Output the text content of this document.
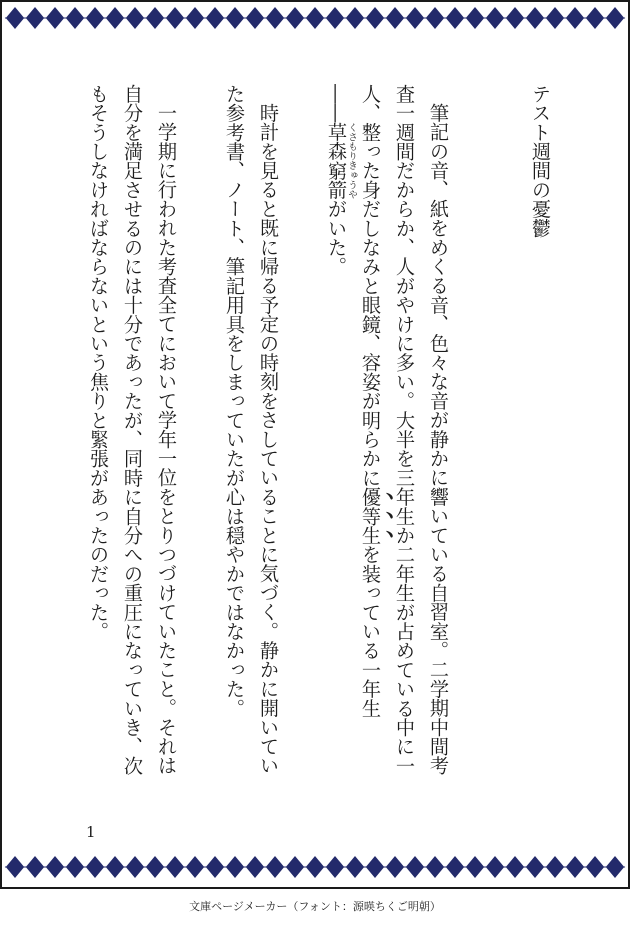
テスト週間の憂鬱
筆記の音、紙をめくる音、色々な音が静かに響いている自習室。二学期中間考
査一週間だからか、人がやけに多い。大半を三年生か二年生が占めている中に一
人、整った身だしなみと眼鏡、容姿が明らかに優等生を装っている一年生
――草森くさもり窮箭きゅうやがいた。
時計を見ると既に帰る予定の時刻をさしていることに気づく。静かに開いてい
た参考書、ノート、筆記用具をしまっていたが心は穏やかではなかった。
一学期に行われた考査全てにおいて学年一位をとりつづけていたこと。それは
自分を満足させるのには十分であったが、同時に自分への重圧になっていき、次
もそうしなければならないという焦りと緊張があったのだった。
1
文庫ページメーカー（フォント：源暎ちくご明朝）
